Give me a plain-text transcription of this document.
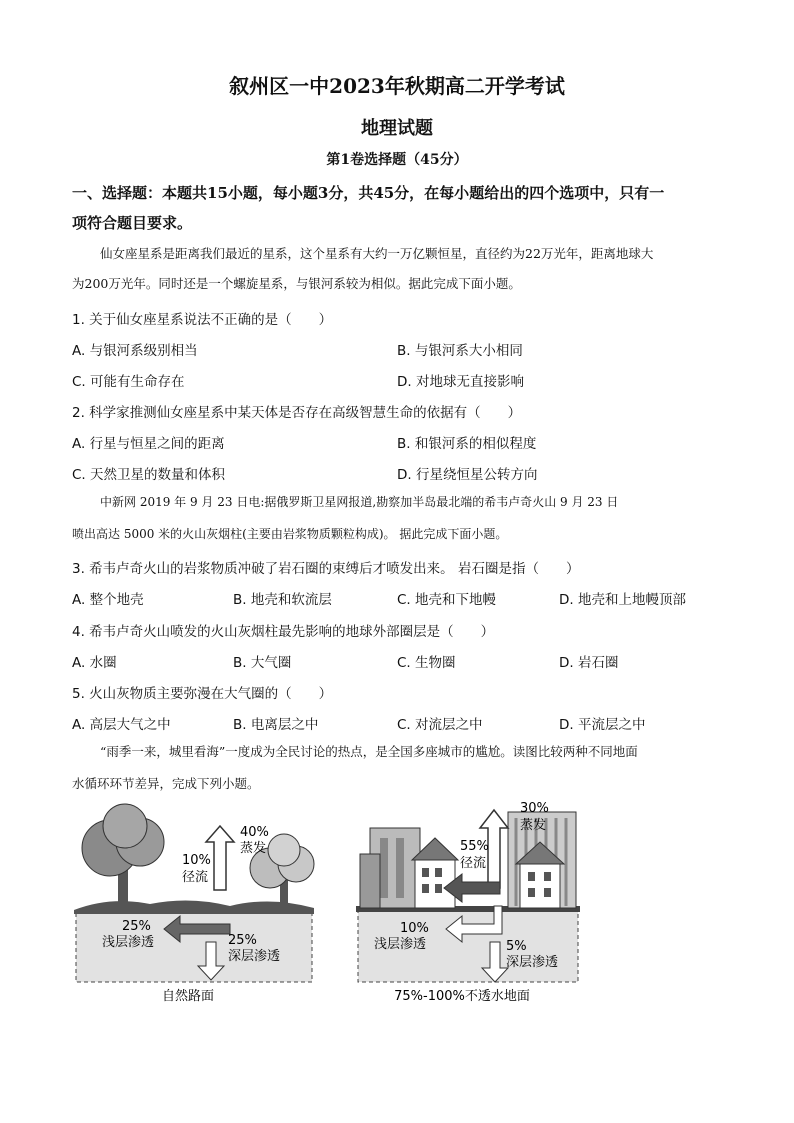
叙州区一中2023年秋期高二开学考试
地理试题
第1卷选择题（45分）
一、选择题：本题共15小题，每小题3分，共45分，在每小题给出的四个选项中，只有一
项符合题目要求。
仙女座星系是距离我们最近的星系，这个星系有大约一万亿颗恒星，直径约为22万光年，距离地球大
为200万光年。同时还是一个螺旋星系，与银河系较为相似。据此完成下面小题。
1. 关于仙女座星系说法不正确的是（　　）
A. 与银河系级别相当	B. 与银河系大小相同
C. 可能有生命存在	D. 对地球无直接影响
2. 科学家推测仙女座星系中某天体是否存在高级智慧生命的依据有（　　）
A. 行星与恒星之间的距离	B. 和银河系的相似程度
C. 天然卫星的数量和体积	D. 行星绕恒星公转方向
中新网 2019 年 9 月 23 日电:据俄罗斯卫星网报道,勘察加半岛最北端的希韦卢奇火山 9 月 23 日
喷出高达 5000 米的火山灰烟柱(主要由岩浆物质颗粒构成)。 据此完成下面小题。
3. 希韦卢奇火山的岩浆物质冲破了岩石圈的束缚后才喷发出来。 岩石圈是指（　　）
A. 整个地壳	B. 地壳和软流层	C. 地壳和下地幔	D. 地壳和上地幔顶部
4. 希韦卢奇火山喷发的火山灰烟柱最先影响的地球外部圈层是（　　）
A. 水圈	B. 大气圈	C. 生物圈	D. 岩石圈
5. 火山灰物质主要弥漫在大气圈的（　　）
A. 高层大气之中	B. 电离层之中	C. 对流层之中	D. 平流层之中
“雨季一来，城里看海”一度成为全民讨论的热点，是全国多座城市的尴尬。读图比较两种不同地面
水循环环节差异，完成下列小题。
40%
蒸发
10%
径流
25%
浅层渗透	25%
深层渗透
自然路面
30%
蒸发
55%
径流
10%
浅层渗透	5%
深层渗透
75%-100%不透水地面
